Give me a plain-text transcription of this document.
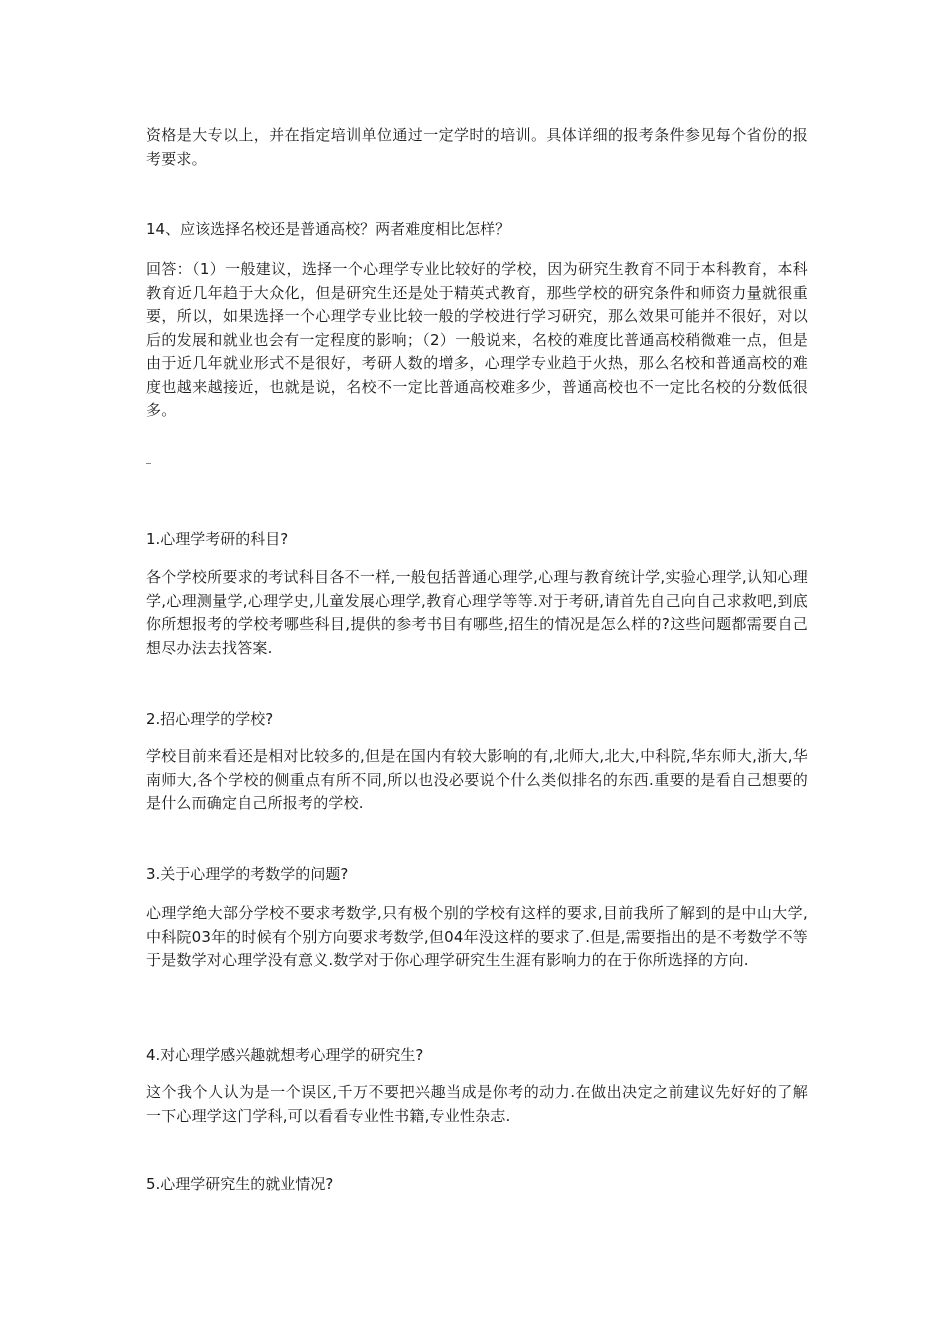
资格是大专以上，并在指定培训单位通过一定学时的培训。具体详细的报考条件参见每个省份的报考要求。

14、应该选择名校还是普通高校？两者难度相比怎样？

回答：（1）一般建议，选择一个心理学专业比较好的学校，因为研究生教育不同于本科教育，本科教育近几年趋于大众化，但是研究生还是处于精英式教育，那些学校的研究条件和师资力量就很重要，所以，如果选择一个心理学专业比较一般的学校进行学习研究，那么效果可能并不很好，对以后的发展和就业也会有一定程度的影响；（2）一般说来，名校的难度比普通高校稍微难一点，但是由于近几年就业形式不是很好，考研人数的增多，心理学专业趋于火热，那么名校和普通高校的难度也越来越接近，也就是说，名校不一定比普通高校难多少，普通高校也不一定比名校的分数低很多。

1.心理学考研的科目?

各个学校所要求的考试科目各不一样,一般包括普通心理学,心理与教育统计学,实验心理学,认知心理学,心理测量学,心理学史,儿童发展心理学,教育心理学等等.对于考研,请首先自己向自己求救吧,到底你所想报考的学校考哪些科目,提供的参考书目有哪些,招生的情况是怎么样的?这些问题都需要自己想尽办法去找答案.

2.招心理学的学校?

学校目前来看还是相对比较多的,但是在国内有较大影响的有,北师大,北大,中科院,华东师大,浙大,华南师大,各个学校的侧重点有所不同,所以也没必要说个什么类似排名的东西.重要的是看自己想要的是什么而确定自己所报考的学校.

3.关于心理学的考数学的问题?

心理学绝大部分学校不要求考数学,只有极个别的学校有这样的要求,目前我所了解到的是中山大学,中科院03年的时候有个别方向要求考数学,但04年没这样的要求了.但是,需要指出的是不考数学不等于是数学对心理学没有意义.数学对于你心理学研究生生涯有影响力的在于你所选择的方向.

4.对心理学感兴趣就想考心理学的研究生?

这个我个人认为是一个误区,千万不要把兴趣当成是你考的动力.在做出决定之前建议先好好的了解一下心理学这门学科,可以看看专业性书籍,专业性杂志.

5.心理学研究生的就业情况?
